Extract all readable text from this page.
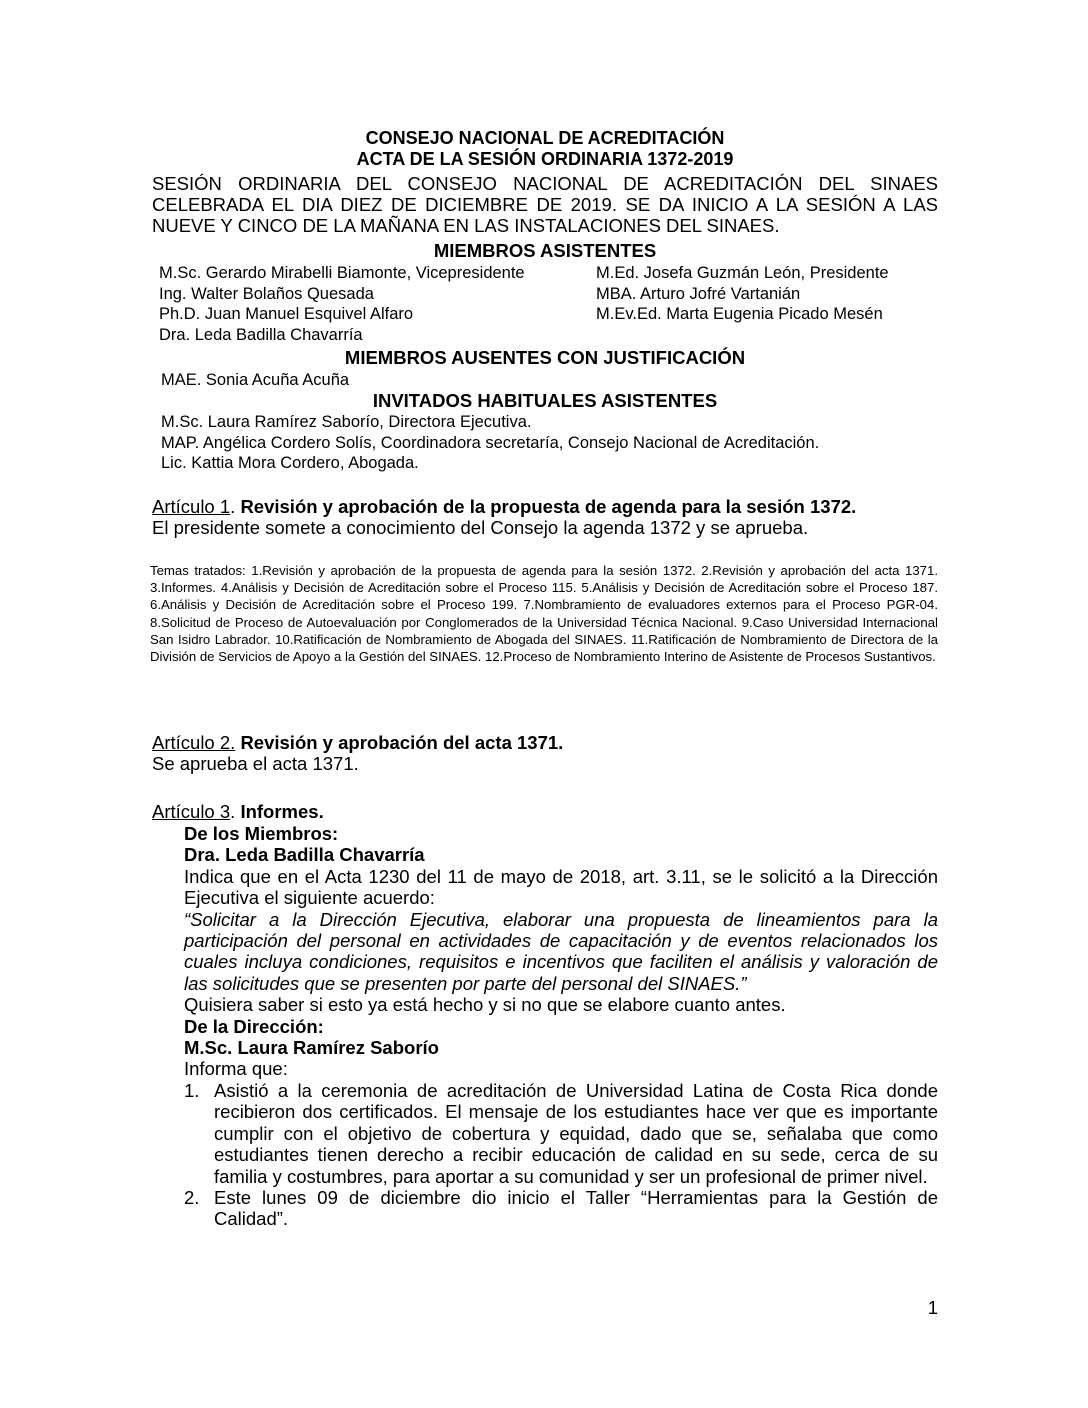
CONSEJO NACIONAL DE ACREDITACIÓN
ACTA DE LA SESIÓN ORDINARIA 1372-2019
SESIÓN ORDINARIA DEL CONSEJO NACIONAL DE ACREDITACIÓN DEL SINAES
CELEBRADA EL DIA DIEZ DE DICIEMBRE DE 2019. SE DA INICIO A LA SESIÓN A LAS
NUEVE Y CINCO DE LA MAÑANA EN LAS INSTALACIONES DEL SINAES.
MIEMBROS ASISTENTES
M.Sc. Gerardo Mirabelli Biamonte, Vicepresidente	M.Ed. Josefa Guzmán León, Presidente
Ing. Walter Bolaños Quesada	MBA. Arturo Jofré Vartanián
Ph.D. Juan Manuel Esquivel Alfaro	M.Ev.Ed. Marta Eugenia Picado Mesén
Dra. Leda Badilla Chavarría
MIEMBROS AUSENTES CON JUSTIFICACIÓN
MAE. Sonia Acuña Acuña
INVITADOS HABITUALES ASISTENTES
M.Sc. Laura Ramírez Saborío, Directora Ejecutiva.
MAP. Angélica Cordero Solís, Coordinadora secretaría, Consejo Nacional de Acreditación.
Lic. Kattia Mora Cordero, Abogada.
Artículo 1. Revisión y aprobación de la propuesta de agenda para la sesión 1372.
El presidente somete a conocimiento del Consejo la agenda 1372 y se aprueba.
Temas tratados: 1.Revisión y aprobación de la propuesta de agenda para la sesión 1372. 2.Revisión y aprobación del acta 1371. 3.Informes. 4.Análisis y Decisión de Acreditación sobre el Proceso 115. 5.Análisis y Decisión de Acreditación sobre el Proceso 187. 6.Análisis y Decisión de Acreditación sobre el Proceso 199. 7.Nombramiento de evaluadores externos para el Proceso PGR-04. 8.Solicitud de Proceso de Autoevaluación por Conglomerados de la Universidad Técnica Nacional. 9.Caso Universidad Internacional San Isidro Labrador. 10.Ratificación de Nombramiento de Abogada del SINAES. 11.Ratificación de Nombramiento de Directora de la División de Servicios de Apoyo a la Gestión del SINAES. 12.Proceso de Nombramiento Interino de Asistente de Procesos Sustantivos.
Artículo 2. Revisión y aprobación del acta 1371.
Se aprueba el acta 1371.
Artículo 3. Informes.
De los Miembros:
Dra. Leda Badilla Chavarría
Indica que en el Acta 1230 del 11 de mayo de 2018, art. 3.11, se le solicitó a la Dirección Ejecutiva el siguiente acuerdo:
“Solicitar a la Dirección Ejecutiva, elaborar una propuesta de lineamientos para la participación del personal en actividades de capacitación y de eventos relacionados los cuales incluya condiciones, requisitos e incentivos que faciliten el análisis y valoración de las solicitudes que se presenten por parte del personal del SINAES.”
Quisiera saber si esto ya está hecho y si no que se elabore cuanto antes.
De la Dirección:
M.Sc. Laura Ramírez Saborío
Informa que:
1. Asistió a la ceremonia de acreditación de Universidad Latina de Costa Rica donde recibieron dos certificados. El mensaje de los estudiantes hace ver que es importante cumplir con el objetivo de cobertura y equidad, dado que se, señalaba que como estudiantes tienen derecho a recibir educación de calidad en su sede, cerca de su familia y costumbres, para aportar a su comunidad y ser un profesional de primer nivel.
2. Este lunes 09 de diciembre dio inicio el Taller “Herramientas para la Gestión de Calidad”.
1
